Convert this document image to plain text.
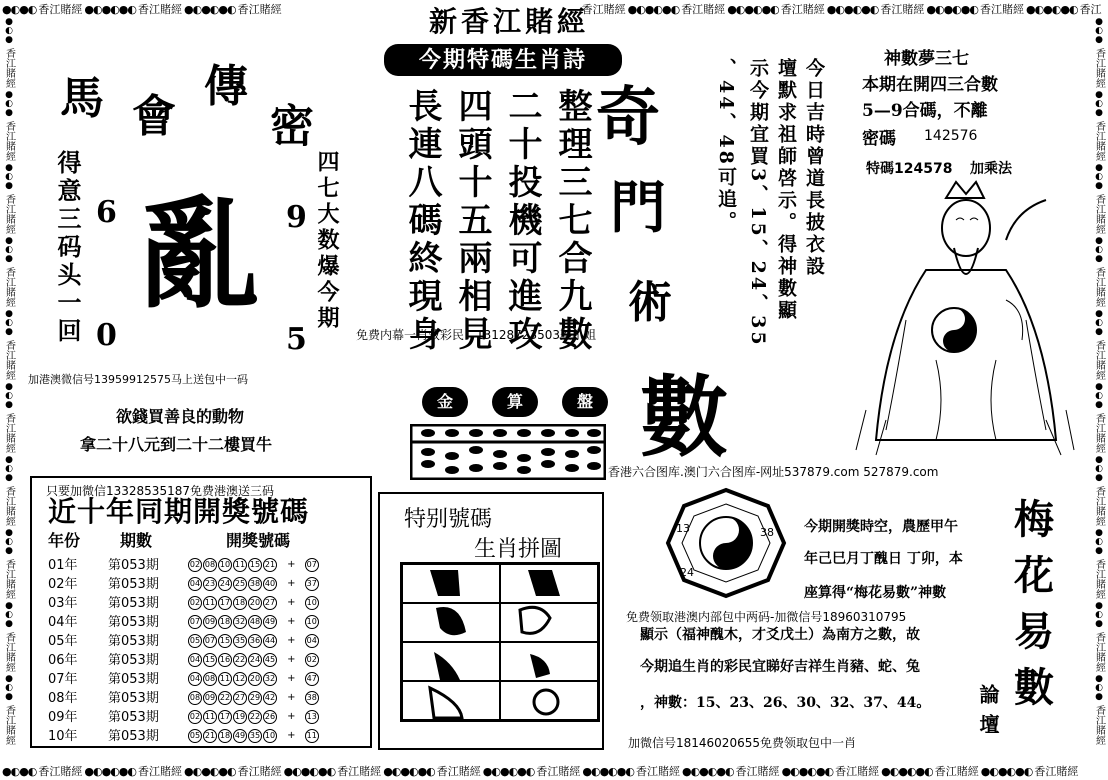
●◐●◐ 香江賭經 ●◐●◐●◐ 香江賭經 ●◐●◐●◐ 香江賭經	香江賭經 ●◐●◐●◐ 香江賭經 ●◐●◐●◐ 香江賭經 ●◐●◐●◐ 香江賭經 ●◐●◐●◐ 香江賭經 ●◐●◐●◐ 香江
●◐●◐ 香江賭經 ●◐●◐●◐ 香江賭經 ●◐●◐●◐ 香江賭經 ●◐●◐●◐ 香江賭經 ●◐●◐●◐ 香江賭經 ●◐●◐●◐ 香江賭經 ●◐●◐●◐ 香江賭經 ●◐●◐●◐ 香江賭經 ●◐●◐●◐ 香江賭經 ●◐●◐●◐ 香江賭經 ●◐●◐●◐ 香江賭經
●
◐
●
香江賭經
●
◐
●
香江賭經
●
◐
●
香江賭經
●
◐
●
香江賭經
●
◐
●
香江賭經
●
◐
●
香江賭經
●
◐
●
香江賭經
●
◐
●
香江賭經
●
◐
●
香江賭經
●
◐
●
香江賭經
●
◐
●
香江賭經
●
◐
●
香江賭經
●
◐
●
香江賭經
●
◐
●
香江賭經
●
◐
●
香江賭經
●
◐
●
香江賭經
●
◐
●
香江賭經
●
◐
●
香江賭經
●
◐
●
香江賭經
●
◐
●
香江賭經
新香江賭經
今期特碼生肖詩
馬 會
傳
密
得意三码头一回	四七大数爆今期
6	9
0	5
亂
加港澳微信号13959912575马上送包中一码
欲錢買善良的動物
拿二十八元到二十二樓買牛
整理三七合九數
二十投機可進攻
四頭十五兩相見
長連八碼終現身 奇
門
術
數
免费内幕一肖救彩民：13128723503蔡小姐
金	算	盤
香港六合图库.澳门六合图库-网址537879.com 527879.com
今日吉時曾道長披衣設
壇默求祖師啓示。得神數顯
示今期宜買3、15、24、35
、44、48可追。	神數夢三七
本期在開四三合數
5—9合碼，不離
密碼 142576
特碼124578 加乘法
只要加微信13328535187免费港澳送三码
近十年同期開獎號碼
年份 期數	開獎號碼
01年	第053期	02 08 10 11 15 21 + 07
02年	第053期	04 23 24 25 38 40 + 37
03年	第053期	02 11 17 18 20 27 + 10
04年	第053期	07 09 18 32 48 49 + 10
05年	第053期	05 07 15 35 36 44 + 04
06年	第053期	04 15 16 22 24 45 + 02
07年	第053期	04 08 11 12 20 32 + 47
08年	第053期	08 09 22 27 29 42 + 38
09年	第053期	02 11 17 19 22 26 + 13
10年	第053期	05 21 18 49 35 10 + 11
特别號碼
生肖拼圖
13	38
24
今期開獎時空，農歷甲午
年己巳月丁醜日 丁卯，本
座算得“梅花易數”神數
免费领取港澳内部包中两码-加微信号18960310795
顯示（福神醜木，才爻戊土）為南方之數，故
今期追生肖的彩民宜睇好吉祥生肖豬、蛇、兔
，神數：15、23、26、30、32、37、44。
加微信号18146020655免费领取包中一肖
梅
花
易
數
論壇
